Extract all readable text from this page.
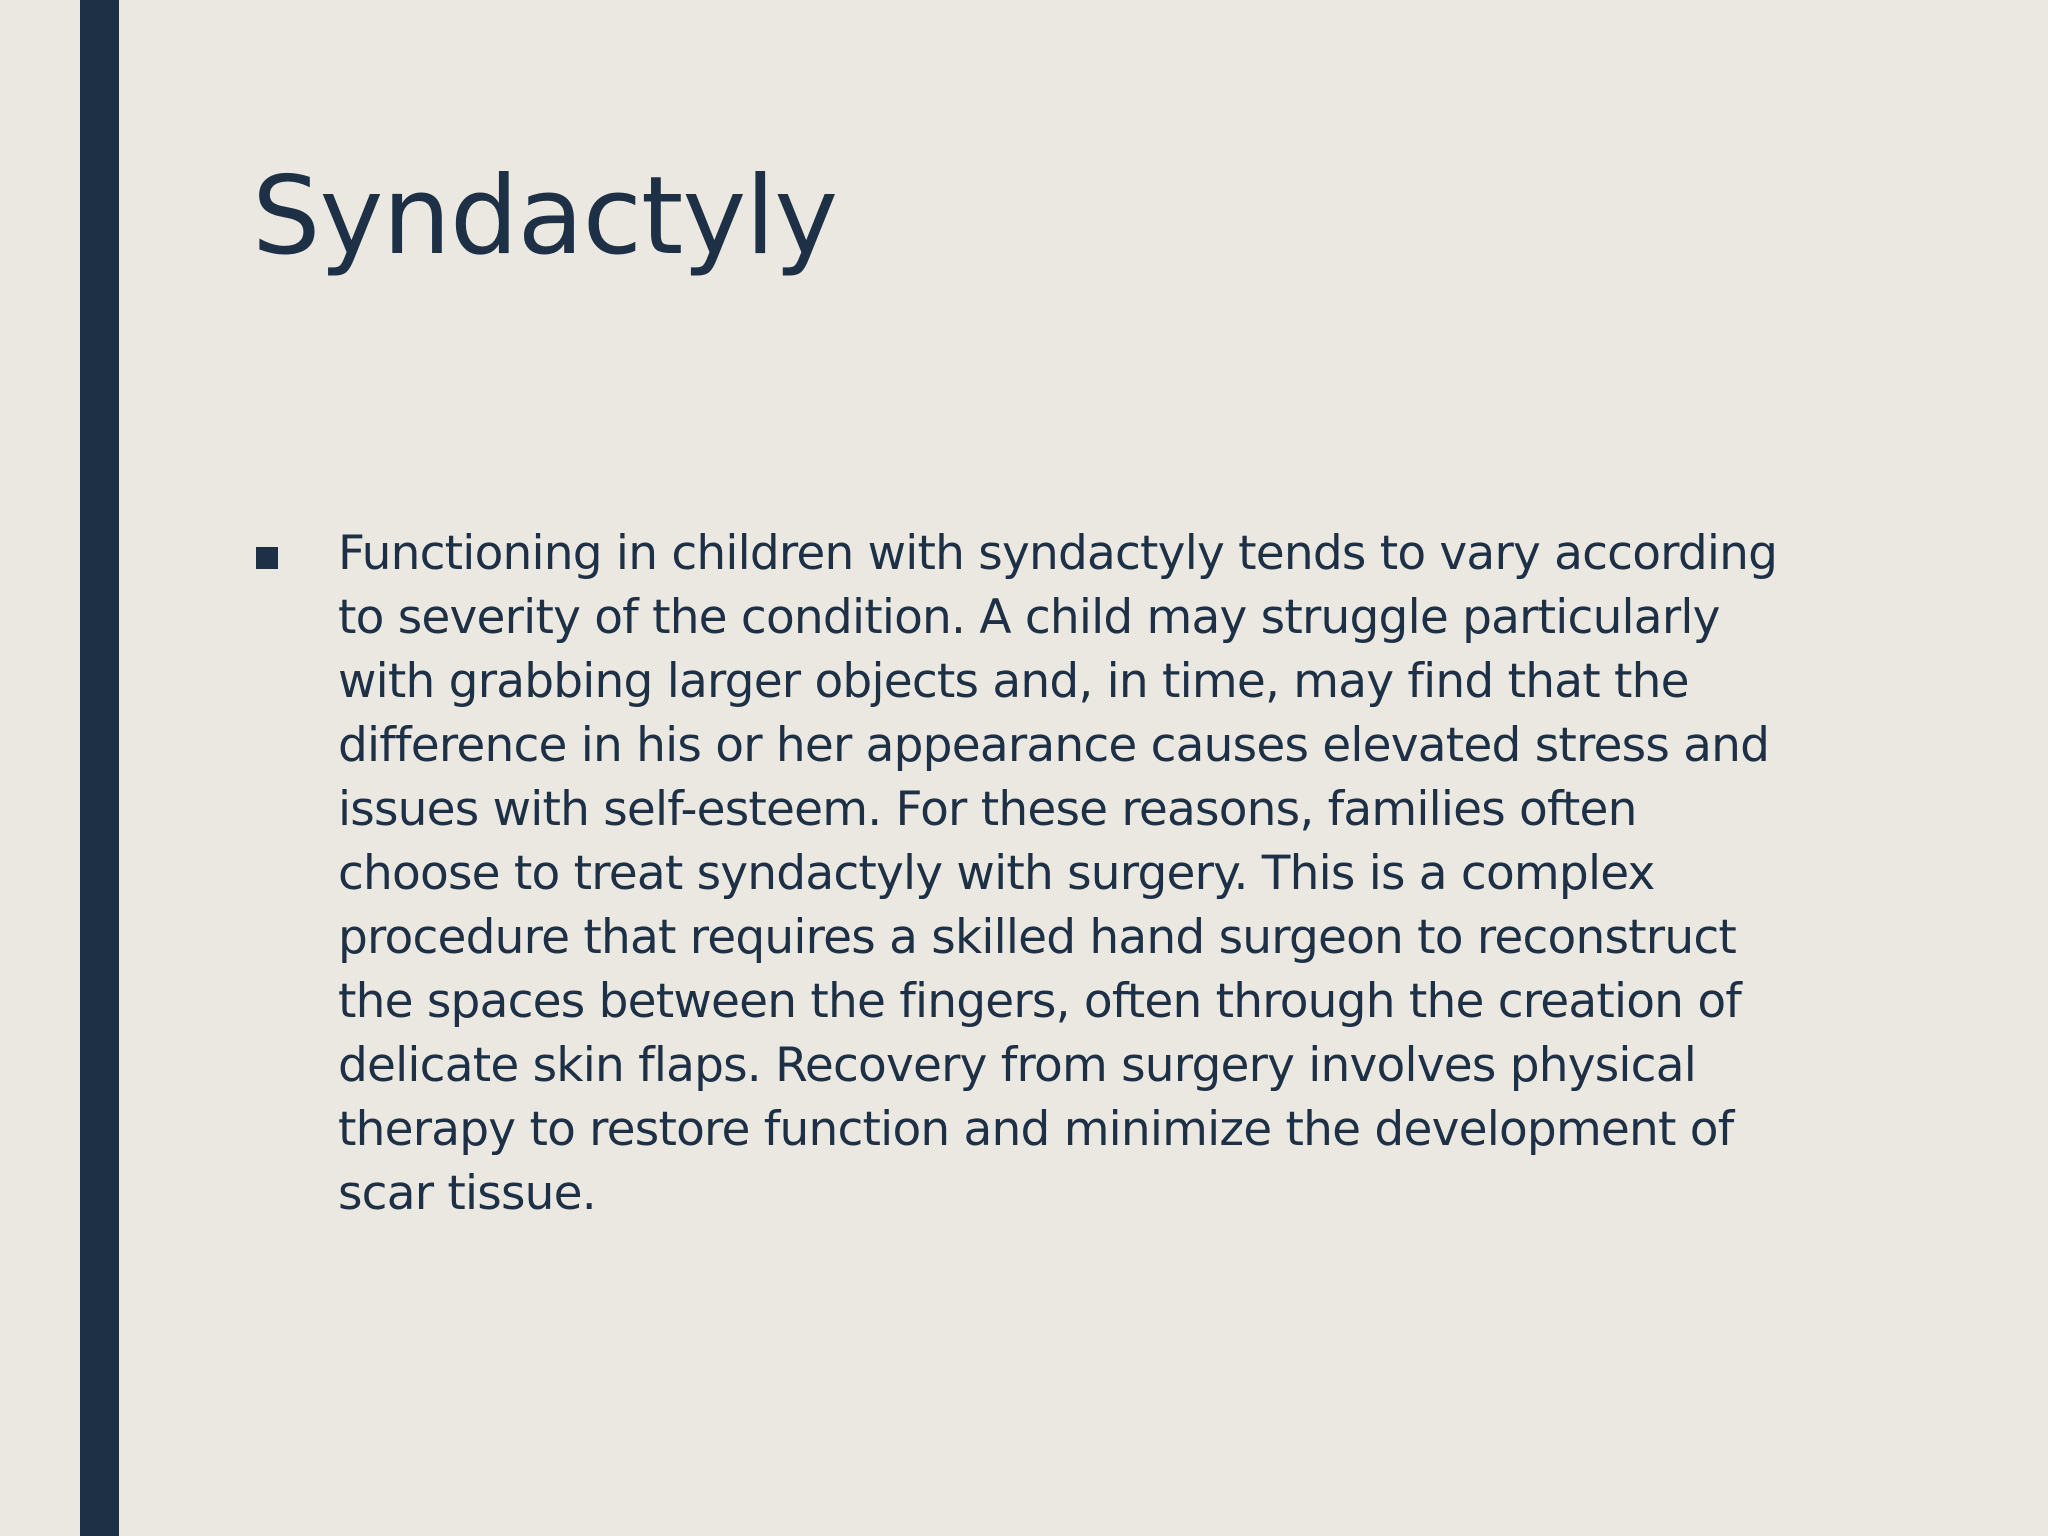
Syndactyly

Functioning in children with syndactyly tends to vary according
to severity of the condition. A child may struggle particularly
with grabbing larger objects and, in time, may find that the
difference in his or her appearance causes elevated stress and
issues with self-esteem. For these reasons, families often
choose to treat syndactyly with surgery. This is a complex
procedure that requires a skilled hand surgeon to reconstruct
the spaces between the fingers, often through the creation of
delicate skin flaps. Recovery from surgery involves physical
therapy to restore function and minimize the development of
scar tissue.
